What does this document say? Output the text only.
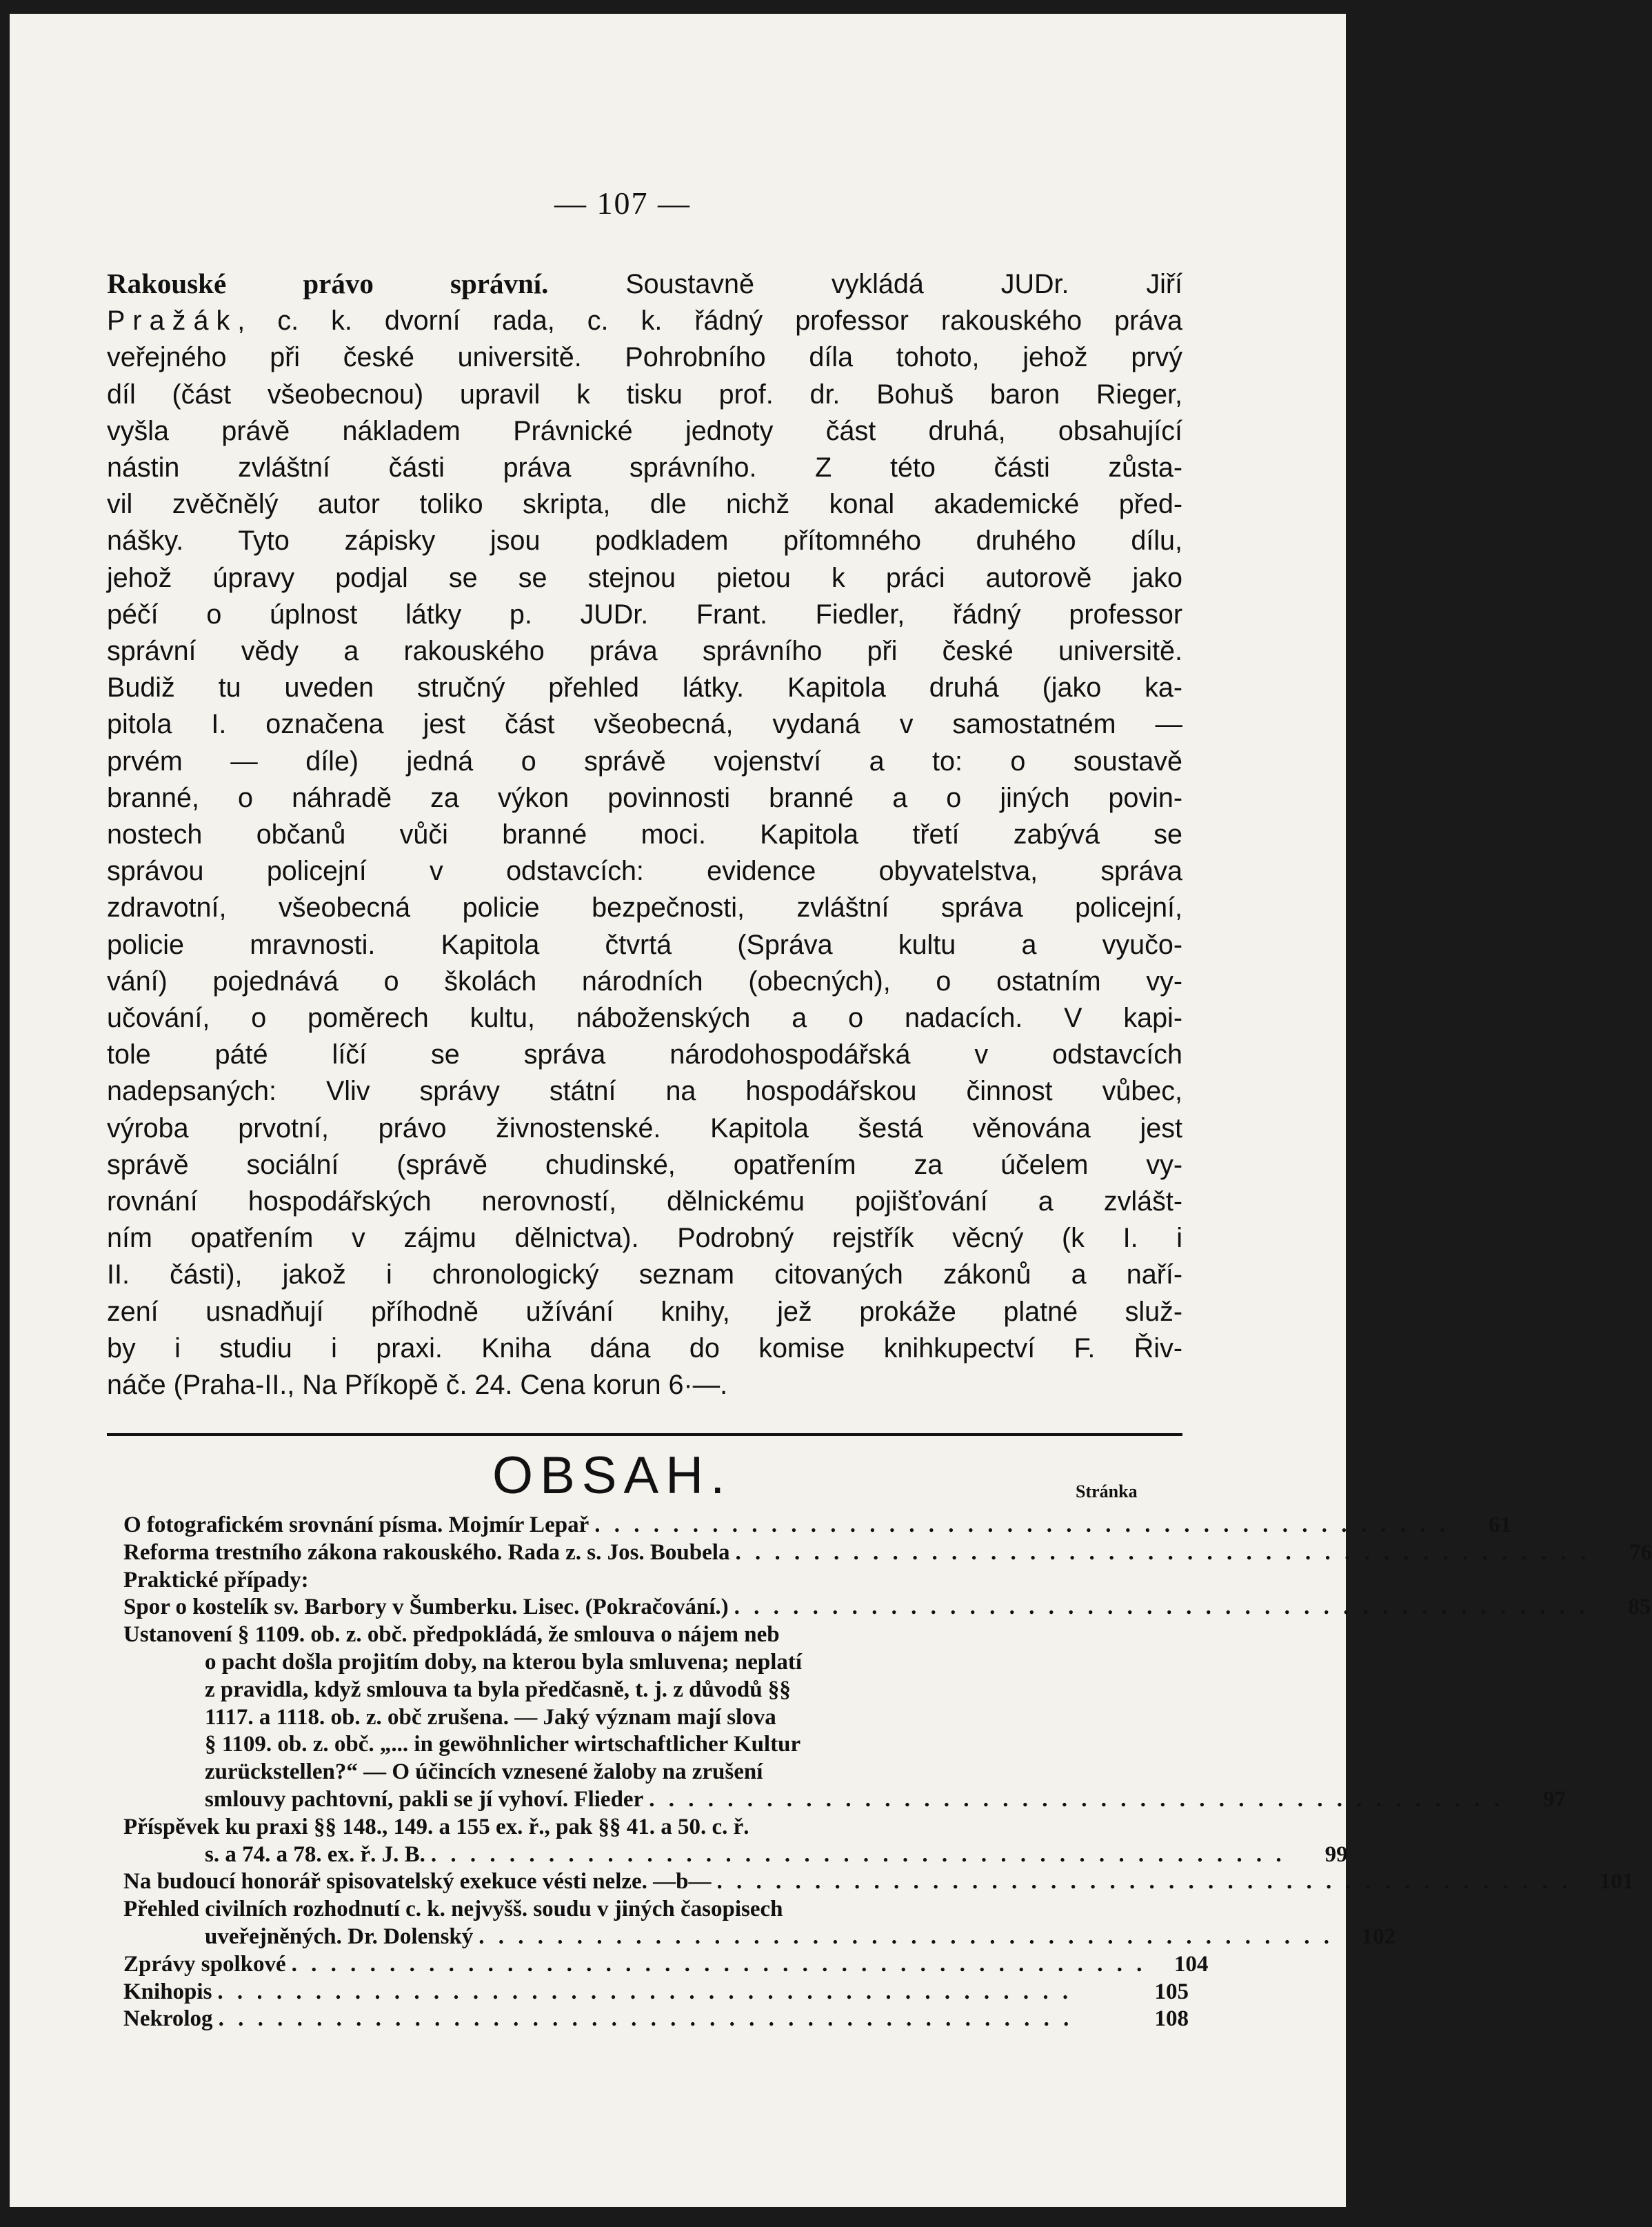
— 107 —
Rakouské právo správní. Soustavně vykládá JUDr. Jiří
Pražák, c. k. dvorní rada, c. k. řádný professor rakouského práva
veřejného při české universitě. Pohrobního díla tohoto, jehož prvý
díl (část všeobecnou) upravil k tisku prof. dr. Bohuš baron Rieger,
vyšla právě nákladem Právnické jednoty část druhá, obsahující
nástin zvláštní části práva správního. Z této části zůsta-
vil zvěčnělý autor toliko skripta, dle nichž konal akademické před-
nášky. Tyto zápisky jsou podkladem přítomného druhého dílu,
jehož úpravy podjal se se stejnou pietou k práci autorově jako
péčí o úplnost látky p. JUDr. Frant. Fiedler, řádný professor
správní vědy a rakouského práva správního při české universitě.
Budiž tu uveden stručný přehled látky. Kapitola druhá (jako ka-
pitola I. označena jest část všeobecná, vydaná v samostatném —
prvém — díle) jedná o správě vojenství a to: o soustavě
branné, o náhradě za výkon povinnosti branné a o jiných povin-
nostech občanů vůči branné moci. Kapitola třetí zabývá se
správou policejní v odstavcích: evidence obyvatelstva, správa
zdravotní, všeobecná policie bezpečnosti, zvláštní správa policejní,
policie mravnosti. Kapitola čtvrtá (Správa kultu a vyučo-
vání) pojednává o školách národních (obecných), o ostatním vy-
učování, o poměrech kultu, náboženských a o nadacích. V kapi-
tole páté líčí se správa národohospodářská v odstavcích
nadepsaných: Vliv správy státní na hospodářskou činnost vůbec,
výroba prvotní, právo živnostenské. Kapitola šestá věnována jest
správě sociální (správě chudinské, opatřením za účelem vy-
rovnání hospodářských nerovností, dělnickému pojišťování a zvlášt-
ním opatřením v zájmu dělnictva). Podrobný rejstřík věcný (k I. i
II. části), jakož i chronologický seznam citovaných zákonů a naří-
zení usnadňují příhodně užívání knihy, jež prokáže platné služ-
by i studiu i praxi. Kniha dána do komise knihkupectví F. Řiv-
náče (Praha-II., Na Příkopě č. 24. Cena korun 6·—.
OBSAH.	Stránka
O fotografickém srovnání písma. Mojmír Lepař . . . . . . . . . . . . . . . . . . . . . . . . . . . . . . . . . . . . . . . . . . . .	61
Reforma trestního zákona rakouského. Rada z. s. Jos. Boubela . . . . . . . . . . . . . . . . . . . . . . . . . . . . . . . . . . . . . . . . . . . .	76
Praktické případy:
Spor o kostelík sv. Barbory v Šumberku. Lisec. (Pokračování.) . . . . . . . . . . . . . . . . . . . . . . . . . . . . . . . . . . . . . . . . . . . .	85
Ustanovení § 1109. ob. z. obč. předpokládá, že smlouva o nájem neb
o pacht došla projitím doby, na kterou byla smluvena; neplatí
z pravidla, když smlouva ta byla předčasně, t. j. z důvodů §§
1117. a 1118. ob. z. obč zrušena. — Jaký význam mají slova
§ 1109. ob. z. obč. „... in gewöhnlicher wirtschaftlicher Kultur
zurückstellen?“ — O účincích vznesené žaloby na zrušení
smlouvy pachtovní, pakli se jí vyhoví. Flieder . . . . . . . . . . . . . . . . . . . . . . . . . . . . . . . . . . . . . . . . . . . .	97
Příspěvek ku praxi §§ 148., 149. a 155 ex. ř., pak §§ 41. a 50. c. ř.
s. a 74. a 78. ex. ř. J. B. . . . . . . . . . . . . . . . . . . . . . . . . . . . . . . . . . . . . . . . . . . . .	99
Na budoucí honorář spisovatelský exekuce vésti nelze. —b— . . . . . . . . . . . . . . . . . . . . . . . . . . . . . . . . . . . . . . . . . . . .	101
Přehled civilních rozhodnutí c. k. nejvyšš. soudu v jiných časopisech
uveřejněných. Dr. Dolenský . . . . . . . . . . . . . . . . . . . . . . . . . . . . . . . . . . . . . . . . . . . .	102
Zprávy spolkové . . . . . . . . . . . . . . . . . . . . . . . . . . . . . . . . . . . . . . . . . . . .	104
Knihopis . . . . . . . . . . . . . . . . . . . . . . . . . . . . . . . . . . . . . . . . . . . .	105
Nekrolog . . . . . . . . . . . . . . . . . . . . . . . . . . . . . . . . . . . . . . . . . . . .	108
